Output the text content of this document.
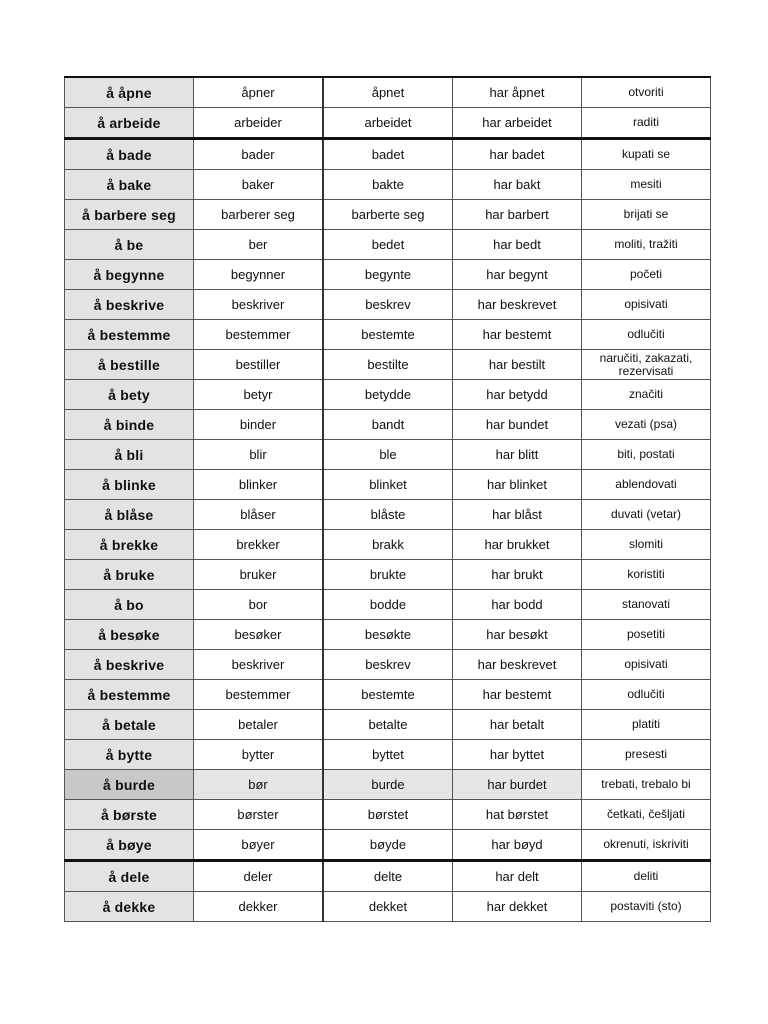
å åpne	åpner	åpnet	har åpnet	otvoriti
å arbeide	arbeider	arbeidet	har arbeidet	raditi
å bade	bader	badet	har badet	kupati se
å bake	baker	bakte	har bakt	mesiti
å barbere seg	barberer seg	barberte seg	har barbert	brijati se
å be	ber	bedet	har bedt	moliti, tražiti
å begynne	begynner	begynte	har begynt	početi
å beskrive	beskriver	beskrev	har beskrevet	opisivati
å bestemme	bestemmer	bestemte	har bestemt	odlučiti
å bestille	bestiller	bestilte	har bestilt	naručiti, zakazati, rezervisati
å bety	betyr	betydde	har betydd	značiti
å binde	binder	bandt	har bundet	vezati (psa)
å bli	blir	ble	har blitt	biti, postati
å blinke	blinker	blinket	har blinket	ablendovati
å blåse	blåser	blåste	har blåst	duvati (vetar)
å brekke	brekker	brakk	har brukket	slomiti
å bruke	bruker	brukte	har brukt	koristiti
å bo	bor	bodde	har bodd	stanovati
å besøke	besøker	besøkte	har besøkt	posetiti
å beskrive	beskriver	beskrev	har beskrevet	opisivati
å bestemme	bestemmer	bestemte	har bestemt	odlučiti
å betale	betaler	betalte	har betalt	platiti
å bytte	bytter	byttet	har byttet	presesti
å burde	bør	burde	har burdet	trebati, trebalo bi
å børste	børster	børstet	hat børstet	četkati, češljati
å bøye	bøyer	bøyde	har bøyd	okrenuti, iskriviti
å dele	deler	delte	har delt	deliti
å dekke	dekker	dekket	har dekket	postaviti (sto)
